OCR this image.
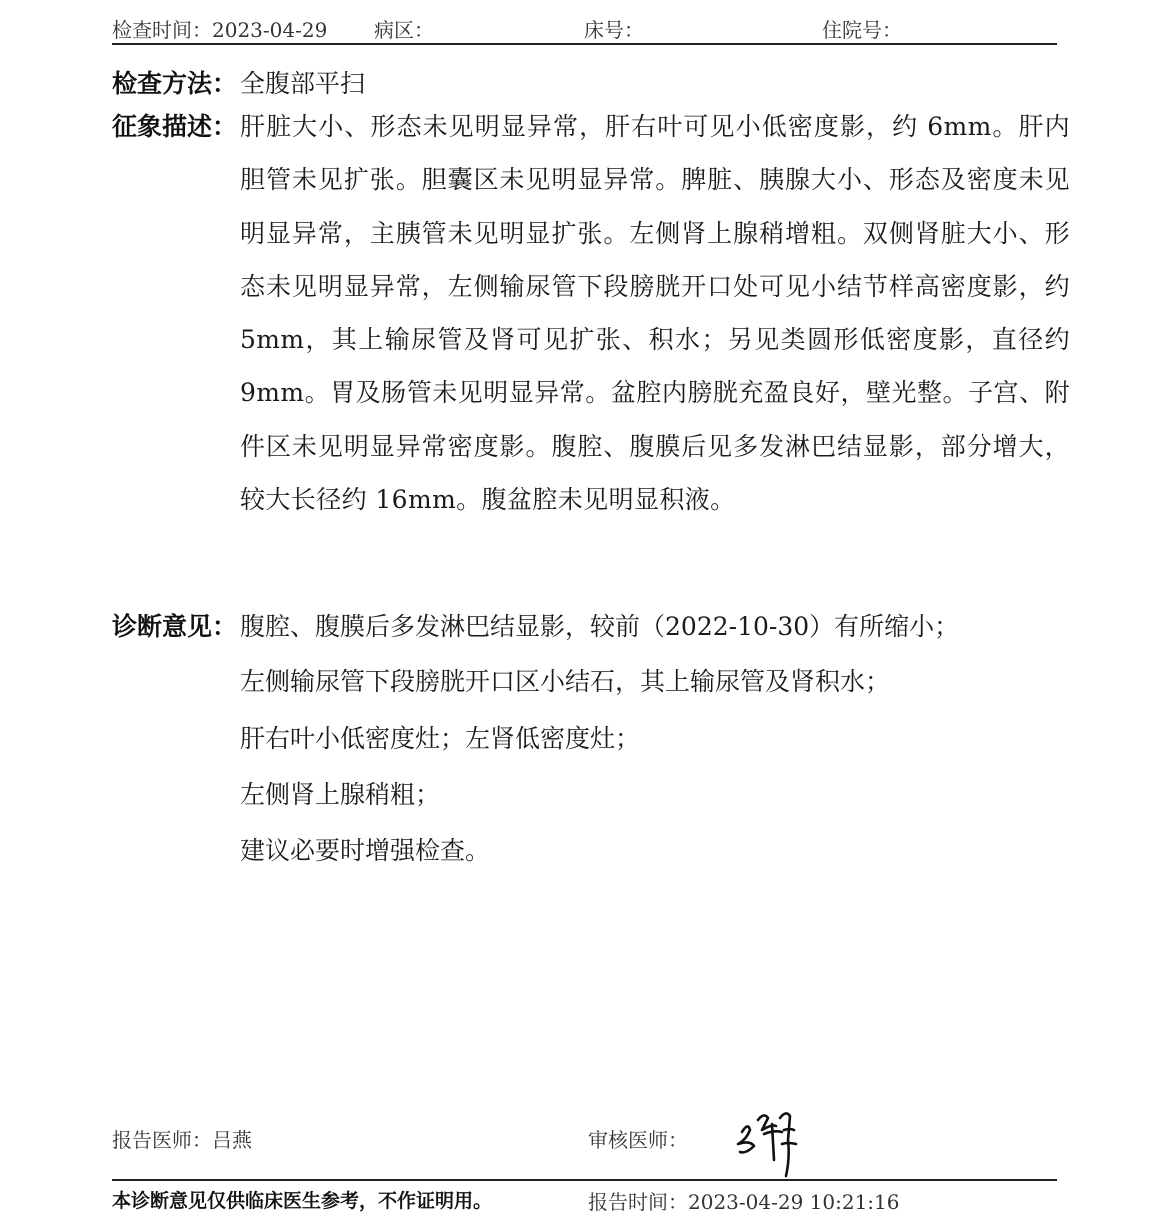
检查时间：2023-04-29 病区：	床号：	住院号：
检查方法： 全腹部平扫
征象描述： 肝脏大小、形态未见明显异常，肝右叶可见小低密度影，约 6mm。肝内胆管未见扩张。胆囊区未见明显异常。脾脏、胰腺大小、形态及密度未见明显异常，主胰管未见明显扩张。左侧肾上腺稍增粗。双侧肾脏大小、形态未见明显异常，左侧输尿管下段膀胱开口处可见小结节样高密度影，约 5mm，其上输尿管及肾可见扩张、积水；另见类圆形低密度影，直径约 9mm。胃及肠管未见明显异常。盆腔内膀胱充盈良好，壁光整。子宫、附件区未见明显异常密度影。腹腔、腹膜后见多发淋巴结显影，部分增大，较大长径约 16mm。腹盆腔未见明显积液。
诊断意见： 腹腔、腹膜后多发淋巴结显影，较前（2022-10-30）有所缩小；
左侧输尿管下段膀胱开口区小结石，其上输尿管及肾积水；
肝右叶小低密度灶；左肾低密度灶；
左侧肾上腺稍粗；
建议必要时增强检查。
报告医师：吕燕	审核医师：
本诊断意见仅供临床医生参考，不作证明用。	报告时间：2023-04-29 10:21:16
